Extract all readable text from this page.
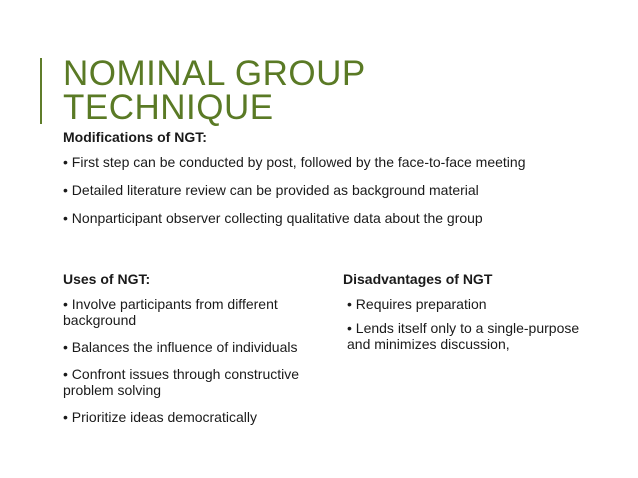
NOMINAL GROUP
TECHNIQUE

Modifications of NGT:

• First step can be conducted by post, followed by the face-to-face meeting

• Detailed literature review can be provided as background material

• Nonparticipant observer collecting qualitative data about the group

Uses of NGT:

• Involve participants from different background

• Balances the influence of individuals

• Confront issues through constructive problem solving

• Prioritize ideas democratically

Disadvantages of NGT

• Requires preparation

• Lends itself only to a single-purpose and minimizes discussion,
